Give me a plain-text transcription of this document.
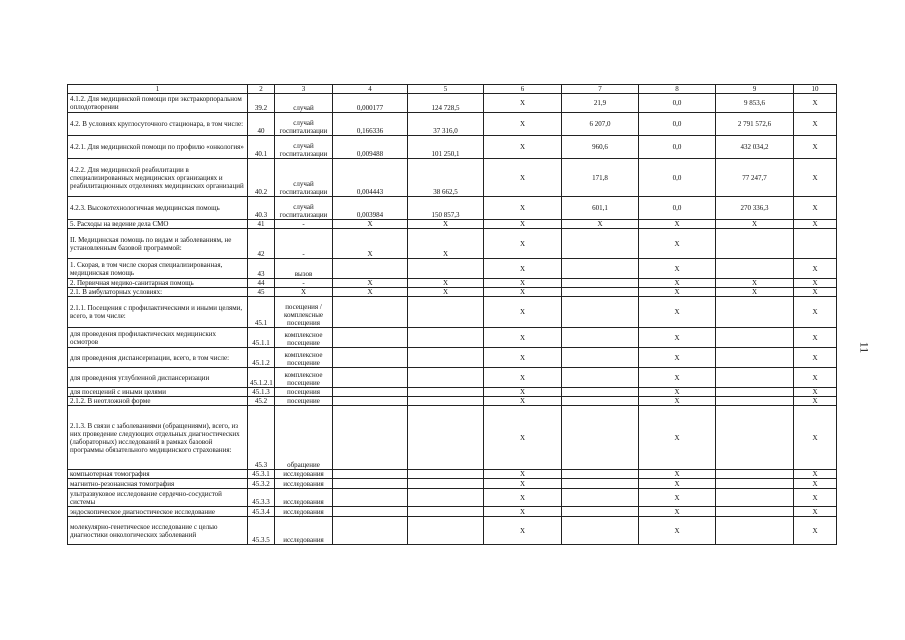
1	2	3	4	5	6	7	8	9	10
4.1.2. Для медицинской помощи при экстракорпоральном оплодотворении	39.2	случай	0,000177	124 728,5	X	21,9	0,0	9 853,6	X
4.2. В условиях круглосуточного стационара, в том числе:	40	случай госпитализации	0,166336	37 316,0	X	6 207,0	0,0	2 791 572,6	X
4.2.1. Для медицинской помощи по профилю «онкология»	40.1	случай госпитализации	0,009488	101 250,1	X	960,6	0,0	432 034,2	X
4.2.2. Для медицинской реабилитации в специализированных медицинских организациях и реабилитационных отделениях медицинских организаций	40.2	случай госпитализации	0,004443	38 662,5	X	171,8	0,0	77 247,7	X
4.2.3. Высокотехнологичная медицинская помощь	40.3	случай госпитализации	0,003984	150 857,3	X	601,1	0,0	270 336,3	X
5. Расходы на ведение дела СМО	41	-	X	X	X	X	X	X	X
II. Медицинская помощь по видам и заболеваниям, не установленным базовой программой:	42	-	X	X	X		X		
1. Скорая, в том числе скорая специализированная, медицинская помощь	43	вызов			X		X		X
2. Первичная медико-санитарная помощь	44	-	X	X	X		X	X	X
2.1. В амбулаторных условиях:	45	X	X	X	X		X	X	X
2.1.1. Посещения с профилактическими и иными целями, всего, в том числе:	45.1	посещения / комплексные посещения			X		X		X
для проведения профилактических медицинских осмотров	45.1.1	комплексное посещение			X		X		X
для проведения диспансеризации, всего, в том числе:	45.1.2	комплексное посещение			X		X		X
для проведения углубленной диспансеризации	45.1.2.1	комплексное посещение			X		X		X
для посещений с иными целями	45.1.3	посещения			X		X		X
2.1.2. В неотложной форме	45.2	посещение			X		X		X
2.1.3. В связи с заболеваниями (обращениями), всего, из них проведение следующих отдельных диагностических (лабораторных) исследований в рамках базовой программы обязательного медицинского страхования:	45.3	обращение			X		X		X
компьютерная томография	45.3.1	исследования			X		X		X
магнитно-резонансная томография	45.3.2	исследования			X		X		X
ультразвуковое исследование сердечно-сосудистой системы	45.3.3	исследования			X		X		X
эндоскопическое диагностическое исследование	45.3.4	исследования			X		X		X
молекулярно-генетическое исследование с целью диагностики онкологических заболеваний	45.3.5	исследования			X		X		X
11
